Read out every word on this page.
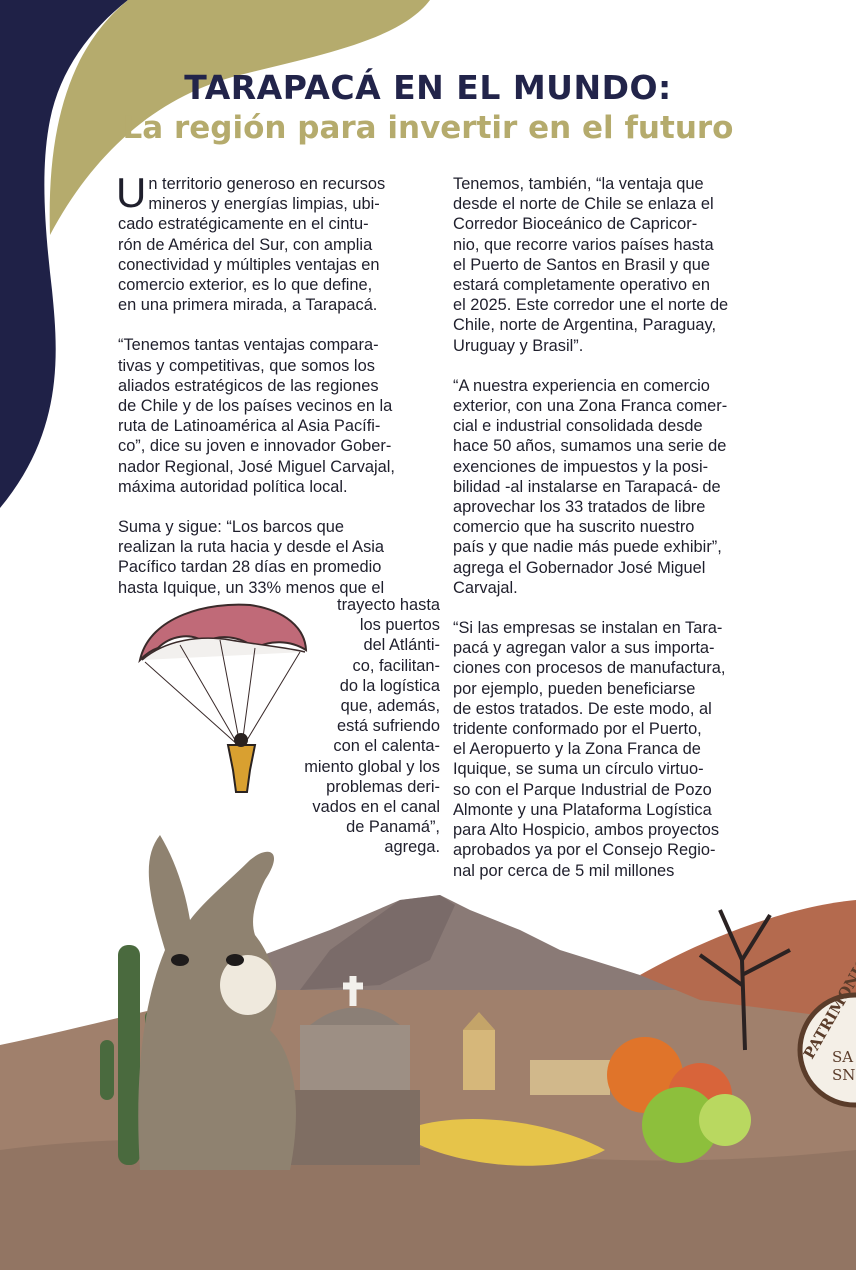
SA
SN
TARAPACÁ EN EL MUNDO:
La región para invertir en el futuro

Un territorio generoso en recursos
mineros y energías limpias, ubi-
cado estratégicamente en el cintu-
rón de América del Sur, con amplia
conectividad y múltiples ventajas en
comercio exterior, es lo que define,
en una primera mirada, a Tarapacá.

“Tenemos tantas ventajas compara-
tivas y competitivas, que somos los
aliados estratégicos de las regiones
de Chile y de los países vecinos en la
ruta de Latinoamérica al Asia Pacífi-
co”, dice su joven e innovador Gober-
nador Regional, José Miguel Carvajal,
máxima autoridad política local.

Suma y sigue: “Los barcos que
realizan la ruta hacia y desde el Asia
Pacífico tardan 28 días en promedio
hasta Iquique, un 33% menos que el

trayecto hasta
los puertos
del Atlánti-
co, facilitan-
do la logística
que, además,
está sufriendo
con el calenta-
miento global y los
problemas deri-
vados en el canal
de Panamá”,
agrega.

Tenemos, también, “la ventaja que
desde el norte de Chile se enlaza el
Corredor Bioceánico de Capricor-
nio, que recorre varios países hasta
el Puerto de Santos en Brasil y que
estará completamente operativo en
el 2025. Este corredor une el norte de
Chile, norte de Argentina, Paraguay,
Uruguay y Brasil”.

“A nuestra experiencia en comercio
exterior, con una Zona Franca comer-
cial e industrial consolidada desde
hace 50 años, sumamos una serie de
exenciones de impuestos y la posi-
bilidad -al instalarse en Tarapacá- de
aprovechar los 33 tratados de libre
comercio que ha suscrito nuestro
país y que nadie más puede exhibir”,
agrega el Gobernador José Miguel
Carvajal.

“Si las empresas se instalan en Tara-
pacá y agregan valor a sus importa-
ciones con procesos de manufactura,
por ejemplo, pueden beneficiarse
de estos tratados. De este modo, al
tridente conformado por el Puerto,
el Aeropuerto y la Zona Franca de
Iquique, se suma un círculo virtuo-
so con el Parque Industrial de Pozo
Almonte y una Plataforma Logística
para Alto Hospicio, ambos proyectos
aprobados ya por el Consejo Regio-
nal por cerca de 5 mil millones
